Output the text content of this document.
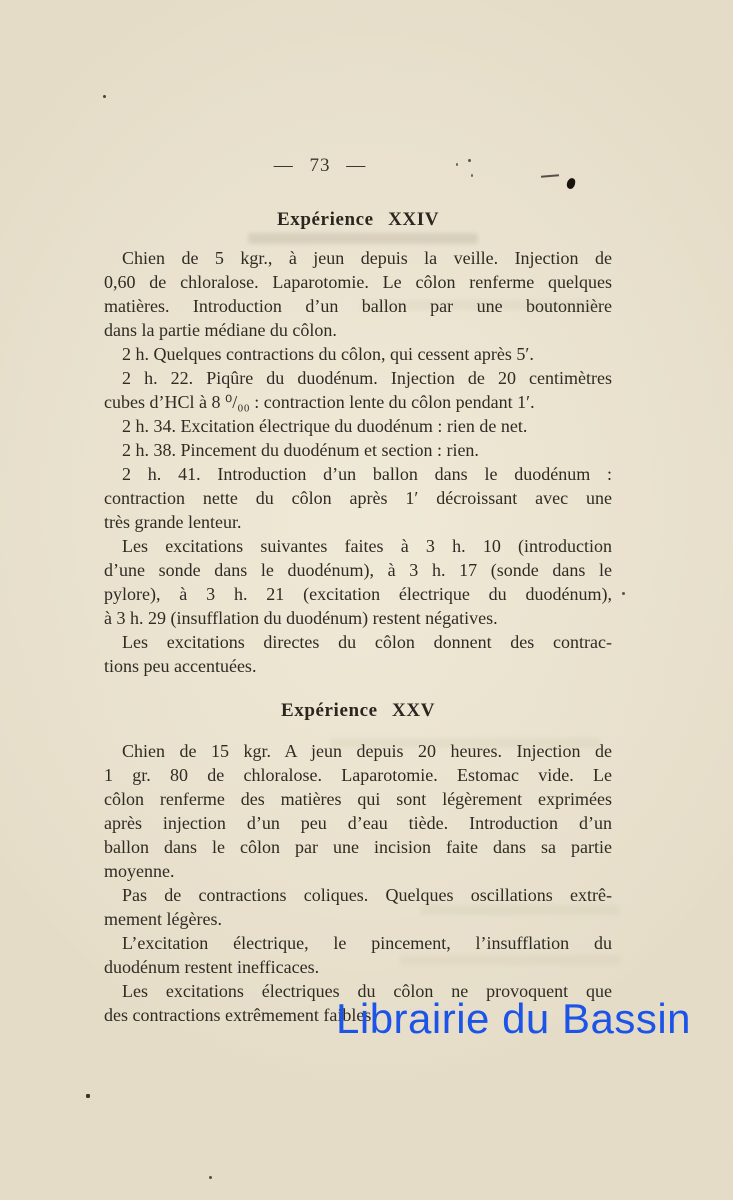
— 73 —
Expérience XXIV
Chien de 5 kgr., à jeun depuis la veille. Injection de
0,60 de chloralose. Laparotomie. Le côlon renferme quelques
matières. Introduction d’un ballon par une boutonnière
dans la partie médiane du côlon.
2 h. Quelques contractions du côlon, qui cessent après 5′.
2 h. 22. Piqûre du duodénum. Injection de 20 centimètres
cubes d’HCl à 8 ⁰/₀₀ : contraction lente du côlon pendant 1′.
2 h. 34. Excitation électrique du duodénum : rien de net.
2 h. 38. Pincement du duodénum et section : rien.
2 h. 41. Introduction d’un ballon dans le duodénum :
contraction nette du côlon après 1′ décroissant avec une
très grande lenteur.
Les excitations suivantes faites à 3 h. 10 (introduction
d’une sonde dans le duodénum), à 3 h. 17 (sonde dans le
pylore), à 3 h. 21 (excitation électrique du duodénum),
à 3 h. 29 (insufflation du duodénum) restent négatives.
Les excitations directes du côlon donnent des contrac-
tions peu accentuées.
Expérience XXV
Chien de 15 kgr. A jeun depuis 20 heures. Injection de
1 gr. 80 de chloralose. Laparotomie. Estomac vide. Le
côlon renferme des matières qui sont légèrement exprimées
après injection d’un peu d’eau tiède. Introduction d’un
ballon dans le côlon par une incision faite dans sa partie
moyenne.
Pas de contractions coliques. Quelques oscillations extrê-
mement légères.
L’excitation électrique, le pincement, l’insufflation du
duodénum restent inefficaces.
Les excitations électriques du côlon ne provoquent que
des contractions extrêmement faibles.
Librairie du Bassin
